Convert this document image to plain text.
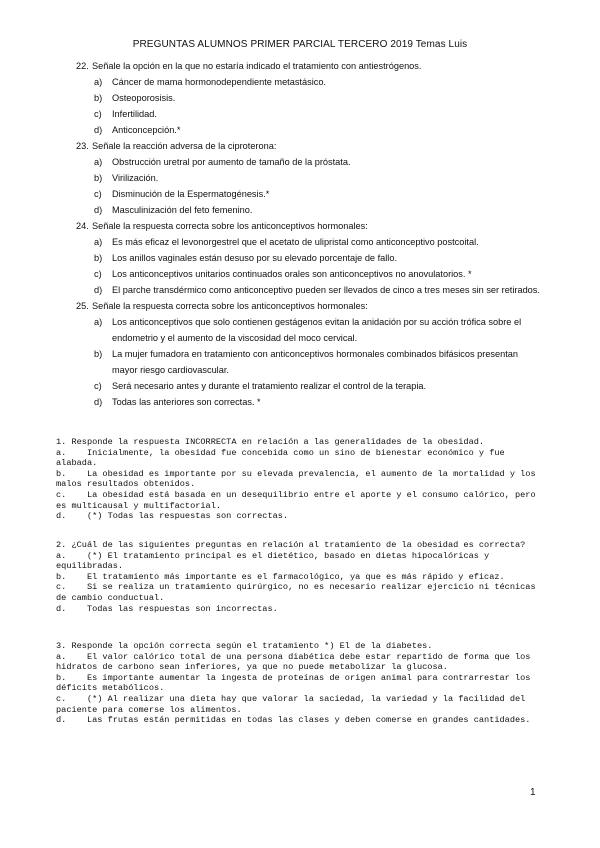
PREGUNTAS ALUMNOS PRIMER PARCIAL TERCERO 2019 Temas Luis
22. Señale la opción en la que no estaría indicado el tratamiento con antiestrógenos.
a) Cáncer de mama hormonodependiente metastásico.
b) Osteoporosisis.
c) Infertilidad.
d) Anticoncepción.*
23. Señale la reacción adversa de la ciproterona:
a) Obstrucción uretral por aumento de tamaño de la próstata.
b) Virilización.
c) Disminución de la Espermatogénesis.*
d) Masculinización del feto femenino.
24. Señale la respuesta correcta sobre los anticonceptivos hormonales:
a) Es más eficaz el levonorgestrel que el acetato de ulipristal como anticonceptivo postcoital.
b) Los anillos vaginales están desuso por su elevado porcentaje de fallo.
c) Los anticonceptivos unitarios continuados orales son anticonceptivos no anovulatorios. *
d) El parche transdérmico como anticonceptivo pueden ser llevados de cinco a tres meses sin ser retirados.
25. Señale la respuesta correcta sobre los anticonceptivos hormonales:
a) Los anticonceptivos que solo contienen gestágenos evitan la anidación por su acción trófica sobre el endometrio y el aumento de la viscosidad del moco cervical.
b) La mujer fumadora en tratamiento con anticonceptivos hormonales combinados bifásicos presentan mayor riesgo cardiovascular.
c) Será necesario antes y durante el tratamiento realizar el control de la terapia.
d) Todas las anteriores son correctas. *
1. Responde la respuesta INCORRECTA en relación a las generalidades de la obesidad.
a.    Inicialmente, la obesidad fue concebida como un sino de bienestar económico y fue alabada.
b.    La obesidad es importante por su elevada prevalencia, el aumento de la mortalidad y los malos resultados obtenidos.
c.    La obesidad está basada en un desequilibrio entre el aporte y el consumo calórico, pero es multicausal y multifactorial.
d.    (*) Todas las respuestas son correctas.
2. ¿Cuál de las siguientes preguntas en relación al tratamiento de la obesidad es correcta?
a.    (*) El tratamiento principal es el dietético, basado en dietas hipocalóricas y equilibradas.
b.    El tratamiento más importante es el farmacológico, ya que es más rápido y eficaz.
c.    Si se realiza un tratamiento quirúrgico, no es necesario realizar ejercicio ni técnicas de cambio conductual.
d.    Todas las respuestas son incorrectas.
3. Responde la opción correcta según el tratamiento *) El de la diabetes.
a.    El valor calórico total de una persona diabética debe estar repartido de forma que los hidratos de carbono sean inferiores, ya que no puede metabolizar la glucosa.
b.    Es importante aumentar la ingesta de proteínas de origen animal para contrarrestar los déficits metabólicos.
c.    (*) Al realizar una dieta hay que valorar la saciedad, la variedad y la facilidad del paciente para comerse los alimentos.
d.    Las frutas están permitidas en todas las clases y deben comerse en grandes cantidades.
1
